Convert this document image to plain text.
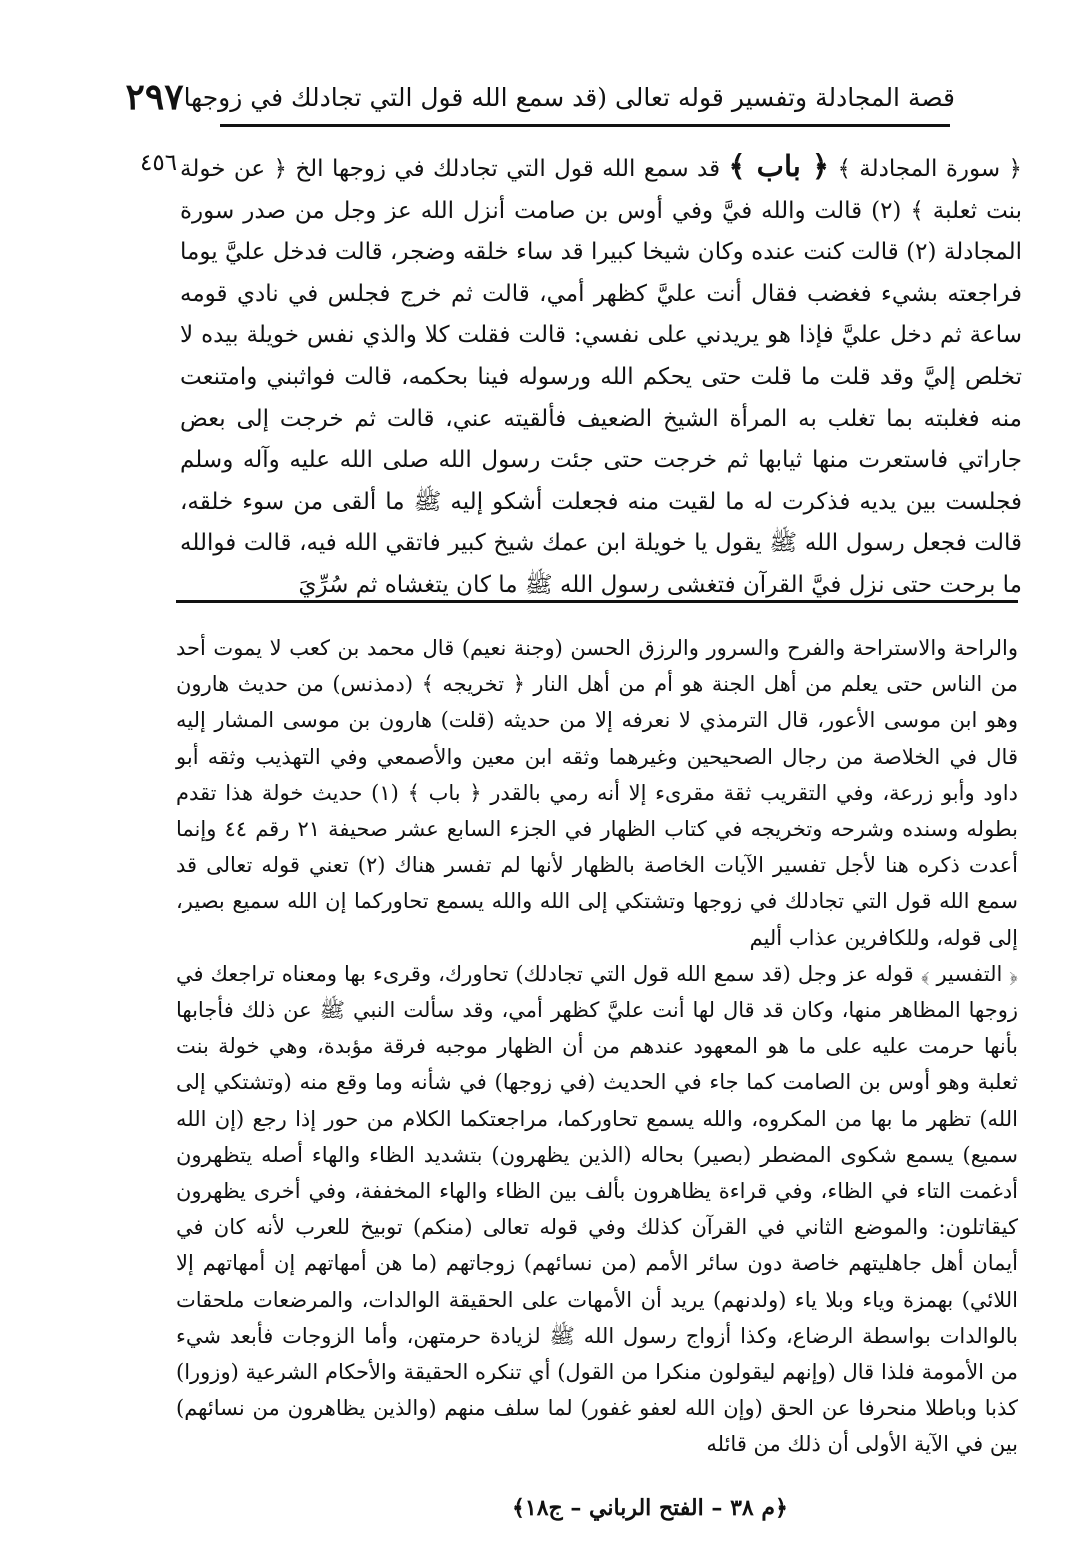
قصة المجادلة وتفسير قوله تعالى (قد سمع الله قول التي تجادلك في زوجها
٢٩٧
٤٥٦	﴿ سورة المجادلة ﴾ ﴿ باب ﴾ قد سمع الله قول التي تجادلك في زوجها الخ ﴿ عن خولة بنت ثعلبة ﴾ (٢) قالت والله فيَّ وفي أوس بن صامت أنزل الله عز وجل من صدر سورة المجادلة (٢) قالت كنت عنده وكان شيخا كبيرا قد ساء خلقه وضجر، قالت فدخل عليَّ يوما فراجعته بشيء فغضب فقال أنت عليَّ كظهر أمي، قالت ثم خرج فجلس في نادي قومه ساعة ثم دخل عليَّ فإذا هو يريدني على نفسي: قالت فقلت كلا والذي نفس خويلة بيده لا تخلص إليَّ وقد قلت ما قلت حتى يحكم الله ورسوله فينا بحكمه، قالت فواثبني وامتنعت منه فغلبته بما تغلب به المرأة الشيخ الضعيف فألقيته عني، قالت ثم خرجت إلى بعض جاراتي فاستعرت منها ثيابها ثم خرجت حتى جئت رسول الله صلى الله عليه وآله وسلم فجلست بين يديه فذكرت له ما لقيت منه فجعلت أشكو إليه ﷺ ما ألقى من سوء خلقه، قالت فجعل رسول الله ﷺ يقول يا خويلة ابن عمك شيخ كبير فاتقي الله فيه، قالت فوالله ما برحت حتى نزل فيَّ القرآن فتغشى رسول الله ﷺ ما كان يتغشاه ثم سُرِّيَ

والراحة والاستراحة والفرح والسرور والرزق الحسن (وجنة نعيم) قال محمد بن كعب لا يموت أحد من الناس حتى يعلم من أهل الجنة هو أم من أهل النار ﴿ تخريجه ﴾ (دمذنس) من حديث هارون وهو ابن موسى الأعور، قال الترمذي لا نعرفه إلا من حديثه (قلت) هارون بن موسى المشار إليه قال في الخلاصة من رجال الصحيحين وغيرهما وثقه ابن معين والأصمعي وفي التهذيب وثقه أبو داود وأبو زرعة، وفي التقريب ثقة مقرىء إلا أنه رمي بالقدر ﴿ باب ﴾ (١) حديث خولة هذا تقدم بطوله وسنده وشرحه وتخريجه في كتاب الظهار في الجزء السابع عشر صحيفة ٢١ رقم ٤٤ وإنما أعدت ذكره هنا لأجل تفسير الآيات الخاصة بالظهار لأنها لم تفسر هناك (٢) تعني قوله تعالى قد سمع الله قول التي تجادلك في زوجها وتشتكي إلى الله والله يسمع تحاوركما إن الله سميع بصير، إلى قوله، وللكافرين عذاب أليم

﴿ التفسير ﴾ قوله عز وجل (قد سمع الله قول التي تجادلك) تحاورك، وقرىء بها ومعناه تراجعك في زوجها المظاهر منها، وكان قد قال لها أنت عليَّ كظهر أمي، وقد سألت النبي ﷺ عن ذلك فأجابها بأنها حرمت عليه على ما هو المعهود عندهم من أن الظهار موجبه فرقة مؤبدة، وهي خولة بنت ثعلبة وهو أوس بن الصامت كما جاء في الحديث (في زوجها) في شأنه وما وقع منه (وتشتكي إلى الله) تظهر ما بها من المكروه، والله يسمع تحاوركما، مراجعتكما الكلام من حور إذا رجع (إن الله سميع) يسمع شكوى المضطر (بصير) بحاله (الذين يظهرون) بتشديد الظاء والهاء أصله يتظهرون أدغمت التاء في الظاء، وفي قراءة يظاهرون بألف بين الظاء والهاء المخففة، وفي أخرى يظهرون كيقاتلون: والموضع الثاني في القرآن كذلك وفي قوله تعالى (منكم) توبيخ للعرب لأنه كان في أيمان أهل جاهليتهم خاصة دون سائر الأمم (من نسائهم) زوجاتهم (ما هن أمهاتهم إن أمهاتهم إلا اللائي) بهمزة وياء وبلا ياء (ولدنهم) يريد أن الأمهات على الحقيقة الوالدات، والمرضعات ملحقات بالوالدات بواسطة الرضاع، وكذا أزواج رسول الله ﷺ لزيادة حرمتهن، وأما الزوجات فأبعد شيء من الأمومة فلذا قال (وإنهم ليقولون منكرا من القول) أي تنكره الحقيقة والأحكام الشرعية (وزورا) كذبا وباطلا منحرفا عن الحق (وإن الله لعفو غفور) لما سلف منهم (والذين يظاهرون من نسائهم) بين في الآية الأولى أن ذلك من قائله

﴿م ٣٨ – الفتح الرباني – ج١٨﴾
